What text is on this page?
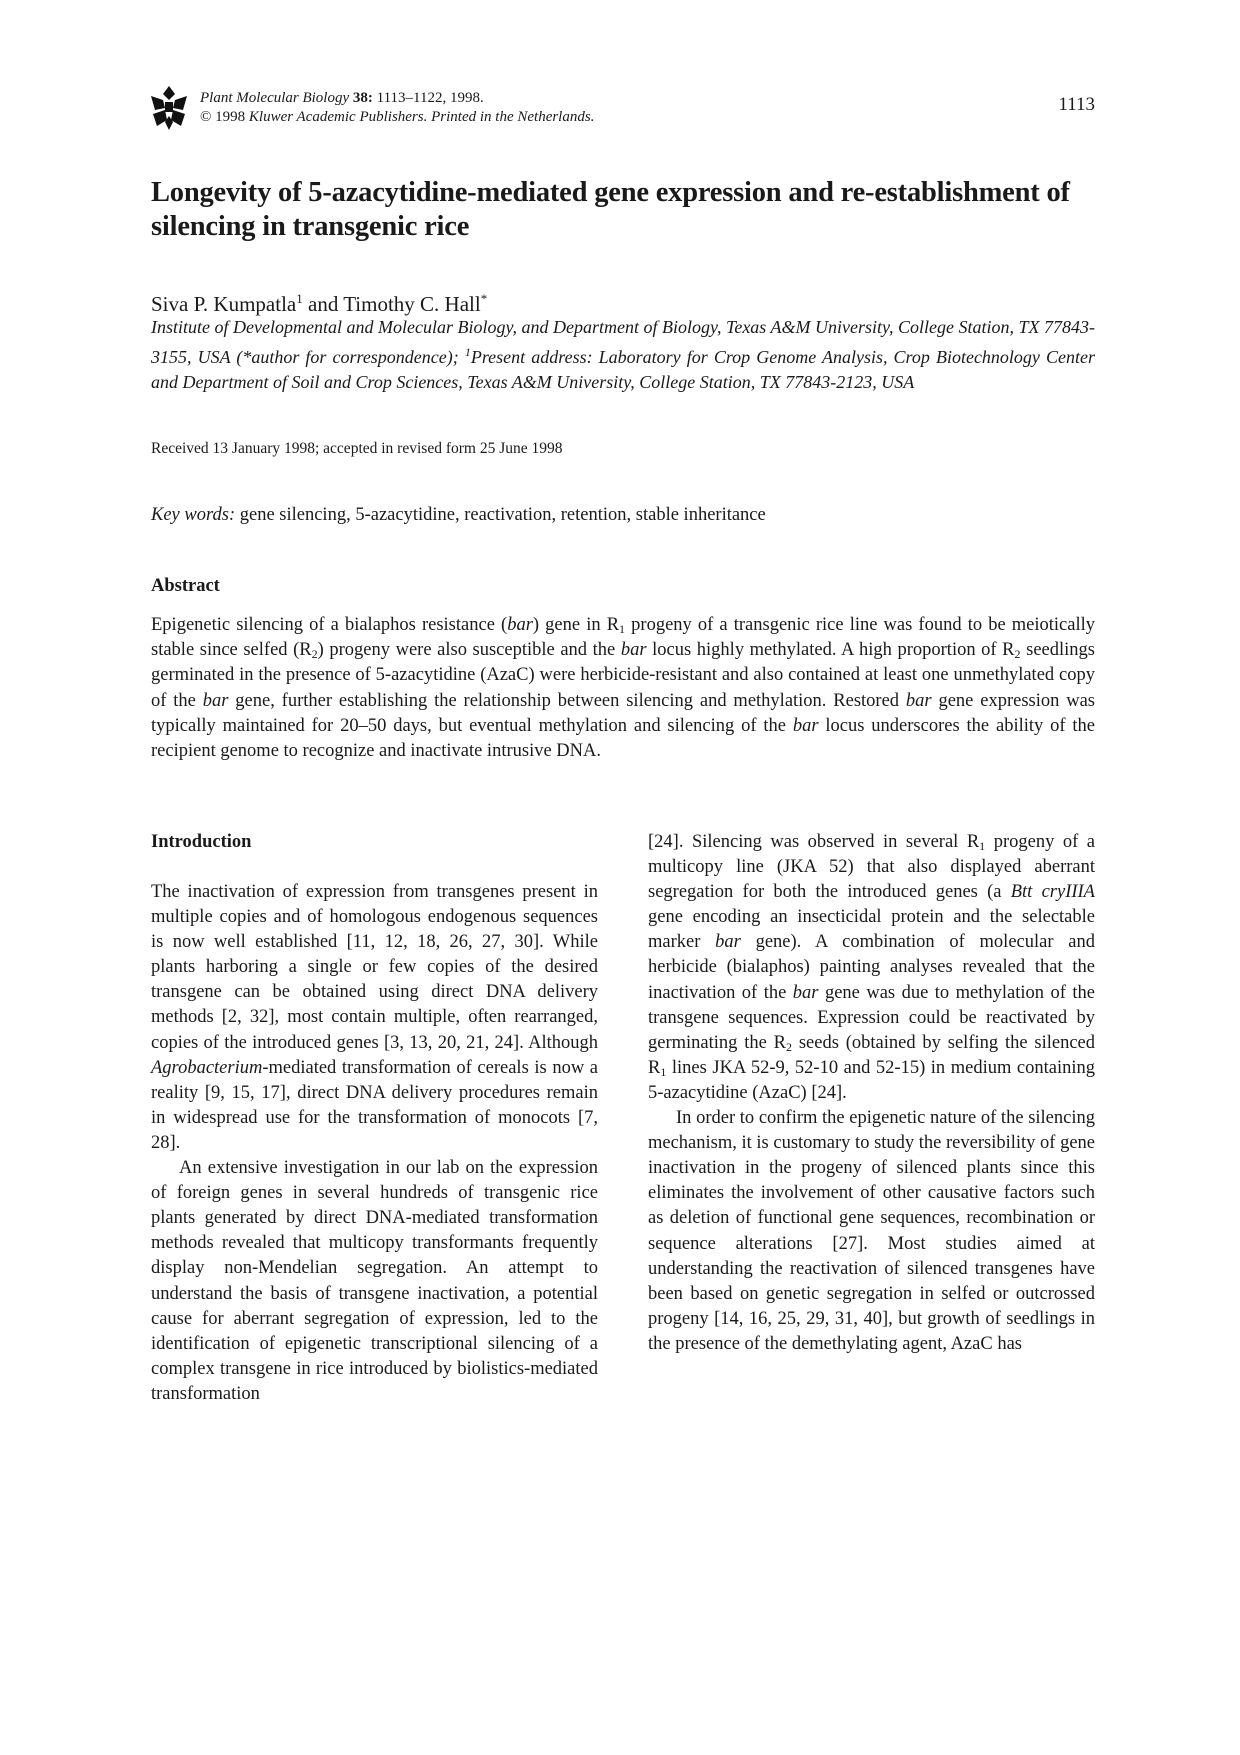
Plant Molecular Biology 38: 1113–1122, 1998.
© 1998 Kluwer Academic Publishers. Printed in the Netherlands.
1113
Longevity of 5-azacytidine-mediated gene expression and re-establishment of silencing in transgenic rice
Siva P. Kumpatla$^1$ and Timothy C. Hall*
Institute of Developmental and Molecular Biology, and Department of Biology, Texas A&M University, College Station, TX 77843-3155, USA (*author for correspondence); $^1$Present address: Laboratory for Crop Genome Analysis, Crop Biotechnology Center and Department of Soil and Crop Sciences, Texas A&M University, College Station, TX 77843-2123, USA
Received 13 January 1998; accepted in revised form 25 June 1998
Key words: gene silencing, 5-azacytidine, reactivation, retention, stable inheritance
Abstract
Epigenetic silencing of a bialaphos resistance (bar) gene in $R_1$ progeny of a transgenic rice line was found to be meiotically stable since selfed $(R_2)$ progeny were also susceptible and the bar locus highly methylated. A high proportion of $R_2$ seedlings germinated in the presence of 5-azacytidine (AzaC) were herbicide-resistant and also contained at least one unmethylated copy of the bar gene, further establishing the relationship between silencing and methylation. Restored bar gene expression was typically maintained for 20–50 days, but eventual methylation and silencing of the bar locus underscores the ability of the recipient genome to recognize and inactivate intrusive DNA.
Introduction

The inactivation of expression from transgenes present in multiple copies and of homologous endogenous sequences is now well established [11, 12, 18, 26, 27, 30]. While plants harboring a single or few copies of the desired transgene can be obtained using direct DNA delivery methods [2, 32], most contain multiple, often rearranged, copies of the introduced genes [3, 13, 20, 21, 24]. Although Agrobacterium-mediated transformation of cereals is now a reality [9, 15, 17], direct DNA delivery procedures remain in widespread use for the transformation of monocots [7, 28].

An extensive investigation in our lab on the expression of foreign genes in several hundreds of transgenic rice plants generated by direct DNA-mediated transformation methods revealed that multicopy transformants frequently display non-Mendelian segregation. An attempt to understand the basis of transgene inactivation, a potential cause for aberrant segregation of expression, led to the identification of epigenetic transcriptional silencing of a complex transgene in rice introduced by biolistics-mediated transformation

[24]. Silencing was observed in several $R_1$ progeny of a multicopy line (JKA 52) that also displayed aberrant segregation for both the introduced genes (a Btt cryIIIA gene encoding an insecticidal protein and the selectable marker bar gene). A combination of molecular and herbicide (bialaphos) painting analyses revealed that the inactivation of the bar gene was due to methylation of the transgene sequences. Expression could be reactivated by germinating the $R_2$ seeds (obtained by selfing the silenced $R_1$ lines JKA 52-9, 52-10 and 52-15) in medium containing 5-azacytidine (AzaC) [24].

In order to confirm the epigenetic nature of the silencing mechanism, it is customary to study the reversibility of gene inactivation in the progeny of silenced plants since this eliminates the involvement of other causative factors such as deletion of functional gene sequences, recombination or sequence alterations [27]. Most studies aimed at understanding the reactivation of silenced transgenes have been based on genetic segregation in selfed or outcrossed progeny [14, 16, 25, 29, 31, 40], but growth of seedlings in the presence of the demethylating agent, AzaC has
